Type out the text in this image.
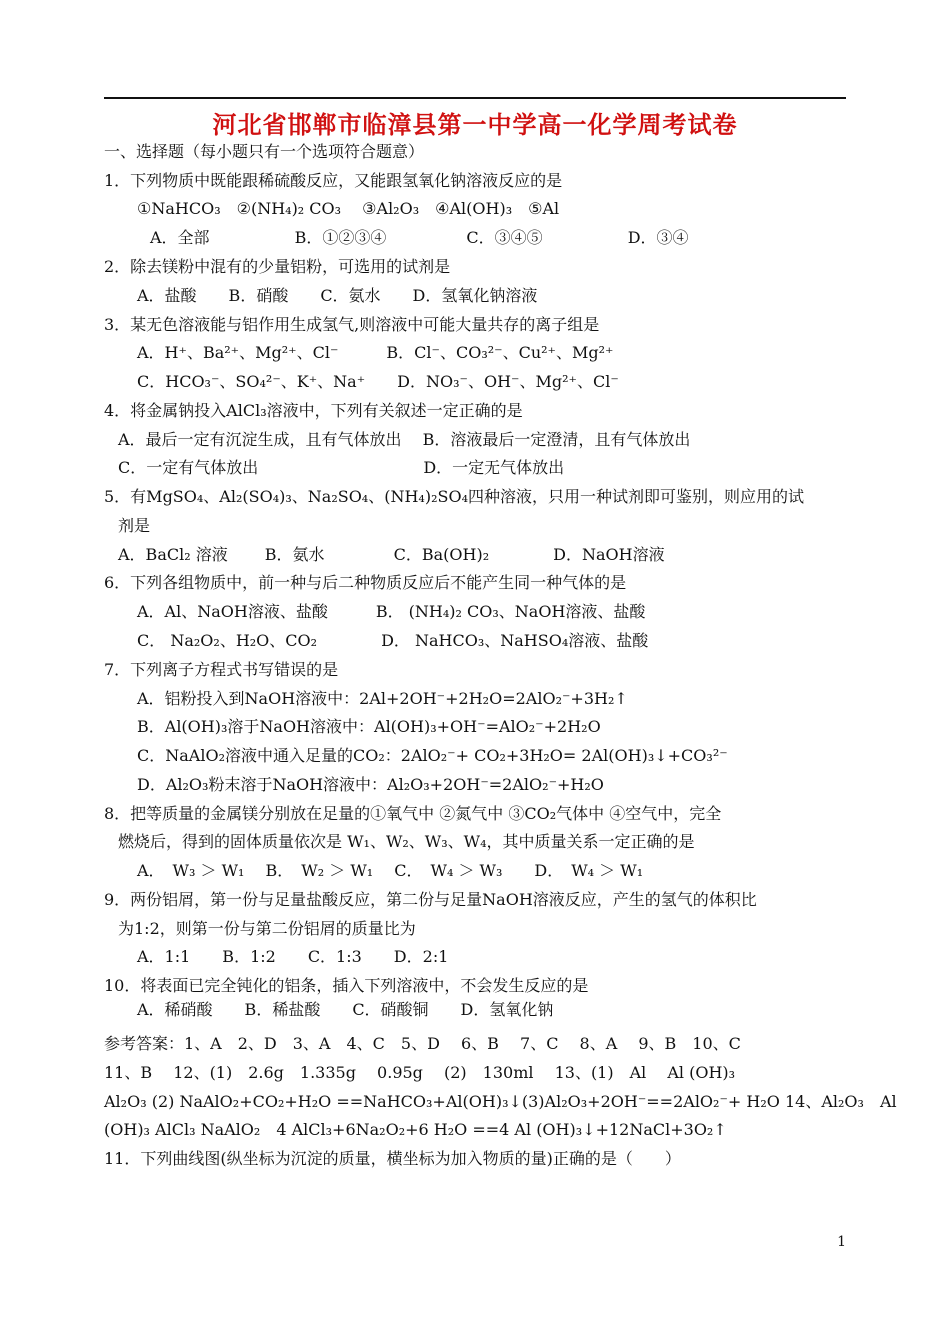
河北省邯郸市临漳县第一中学高一化学周考试卷
一、选择题（每小题只有一个选项符合题意）
1．下列物质中既能跟稀硫酸反应，又能跟氢氧化钠溶液反应的是
①NaHCO₃　②(NH₄)₂ CO₃　 ③Al₂O₃　④Al(OH)₃　⑤Al
A．全部　　　　　 B．①②③④　　　　　C．③④⑤　　　　　 D．③④
2．除去镁粉中混有的少量铝粉，可选用的试剂是
A．盐酸　　B．硝酸　　C．氨水　　D．氢氧化钠溶液
3．某无色溶液能与铝作用生成氢气,则溶液中可能大量共存的离子组是
A．H⁺、Ba²⁺、Mg²⁺、Cl⁻　　　B．Cl⁻、CO₃²⁻、Cu²⁺、Mg²⁺
C．HCO₃⁻、SO₄²⁻、K⁺、Na⁺　　D．NO₃⁻、OH⁻、Mg²⁺、Cl⁻
4．将金属钠投入AlCl₃溶液中，下列有关叙述一定正确的是
A．最后一定有沉淀生成，且有气体放出　 B．溶液最后一定澄清，且有气体放出
C．一定有气体放出　　　　　　　　　　 D．一定无气体放出
5．有MgSO₄、Al₂(SO₄)₃、Na₂SO₄、(NH₄)₂SO₄四种溶液，只用一种试剂即可鉴别，则应用的试
剂是
A．BaCl₂ 溶液　　 B．氨水　　　　 C．Ba(OH)₂　　　　D．NaOH溶液
6．下列各组物质中，前一种与后二种物质反应后不能产生同一种气体的是
A．Al、NaOH溶液、盐酸　　　B． (NH₄)₂ CO₃、NaOH溶液、盐酸
C． Na₂O₂、H₂O、CO₂　　　　D． NaHCO₃、NaHSO₄溶液、盐酸
7．下列离子方程式书写错误的是
A．铝粉投入到NaOH溶液中：2Al+2OH⁻+2H₂O=2AlO₂⁻+3H₂↑
B．Al(OH)₃溶于NaOH溶液中：Al(OH)₃+OH⁻=AlO₂⁻+2H₂O
C．NaAlO₂溶液中通入足量的CO₂：2AlO₂⁻+ CO₂+3H₂O= 2Al(OH)₃↓+CO₃²⁻
D．Al₂O₃粉末溶于NaOH溶液中：Al₂O₃+2OH⁻=2AlO₂⁻+H₂O
8．把等质量的金属镁分别放在足量的①氧气中 ②氮气中 ③CO₂气体中 ④空气中，完全
燃烧后，得到的固体质量依次是 W₁、W₂、W₃、W₄，其中质量关系一定正确的是
A．　W₃ ＞ W₁　 B．　W₂ ＞ W₁　 C．　W₄ ＞ W₃　　D．　W₄ ＞ W₁
9．两份铝屑，第一份与足量盐酸反应，第二份与足量NaOH溶液反应，产生的氢气的体积比
为1:2，则第一份与第二份铝屑的质量比为
A．1:1　　B．1:2　　C．1:3　　D．2:1
10．将表面已完全钝化的铝条，插入下列溶液中，不会发生反应的是
A．稀硝酸　　B．稀盐酸　　C．硝酸铜　　D．氢氧化钠
参考答案：1、A　2、D　3、A　4、C　5、D　 6、B　 7、C　 8、A　 9、B　10、C
11、B　 12、(1)　2.6g　1.335g　 0.95g　 (2)　130ml　 13、(1)　Al　 Al (OH)₃
Al₂O₃ (2) NaAlO₂+CO₂+H₂O ==NaHCO₃+Al(OH)₃↓(3)Al₂O₃+2OH⁻==2AlO₂⁻+ H₂O 14、Al₂O₃　Al
(OH)₃ AlCl₃ NaAlO₂　4 AlCl₃+6Na₂O₂+6 H₂O ==4 Al (OH)₃↓+12NaCl+3O₂↑
11．下列曲线图(纵坐标为沉淀的质量，横坐标为加入物质的量)正确的是（　　）
1
